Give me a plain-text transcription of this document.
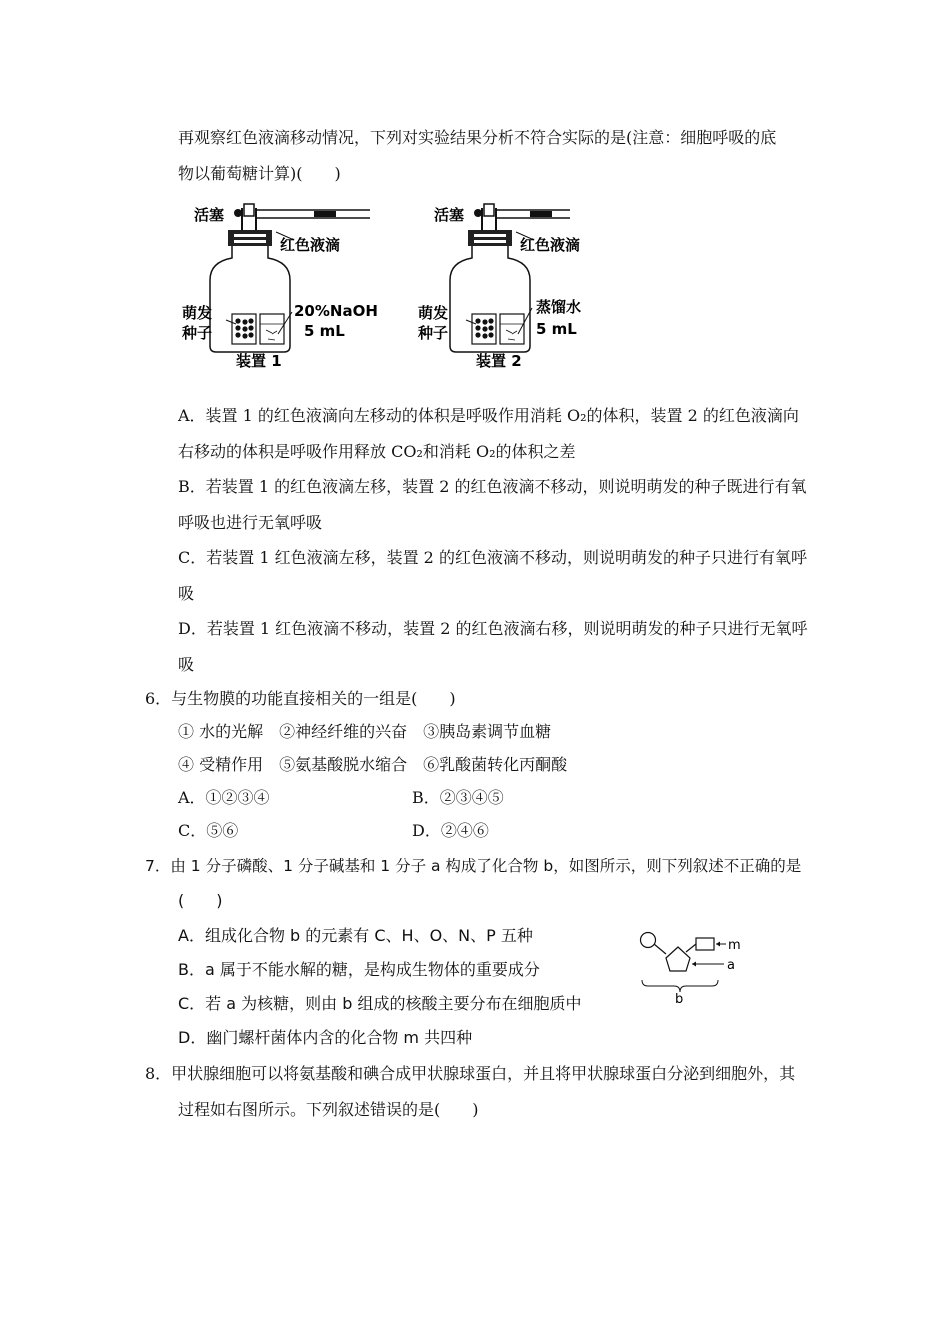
再观察红色液滴移动情况，下列对实验结果分析不符合实际的是(注意：细胞呼吸的底
物以葡萄糖计算)(　　)
活塞
红色液滴
萌发
种子
20%NaOH
5 mL
装置 1
活塞
红色液滴
萌发
种子
蒸馏水
5 mL
装置 2
A．装置 1 的红色液滴向左移动的体积是呼吸作用消耗 O₂的体积，装置 2 的红色液滴向
右移动的体积是呼吸作用释放 CO₂和消耗 O₂的体积之差
B．若装置 1 的红色液滴左移，装置 2 的红色液滴不移动，则说明萌发的种子既进行有氧
呼吸也进行无氧呼吸
C．若装置 1 红色液滴左移，装置 2 的红色液滴不移动，则说明萌发的种子只进行有氧呼
吸
D．若装置 1 红色液滴不移动，装置 2 的红色液滴右移，则说明萌发的种子只进行无氧呼
吸
6．与生物膜的功能直接相关的一组是(　　)
① 水的光解　②神经纤维的兴奋　③胰岛素调节血糖
④ 受精作用　⑤氨基酸脱水缩合　⑥乳酸菌转化丙酮酸
A．①②③④	B．②③④⑤
C．⑤⑥	D．②④⑥
7．由 1 分子磷酸、1 分子碱基和 1 分子 a 构成了化合物 b，如图所示，则下列叙述不正确的是
(　　)
A．组成化合物 b 的元素有 C、H、O、N、P 五种
B．a 属于不能水解的糖，是构成生物体的重要成分
C．若 a 为核糖，则由 b 组成的核酸主要分布在细胞质中
D．幽门螺杆菌体内含的化合物 m 共四种
m
a
b
8．甲状腺细胞可以将氨基酸和碘合成甲状腺球蛋白，并且将甲状腺球蛋白分泌到细胞外，其
过程如右图所示。下列叙述错误的是(　　)
